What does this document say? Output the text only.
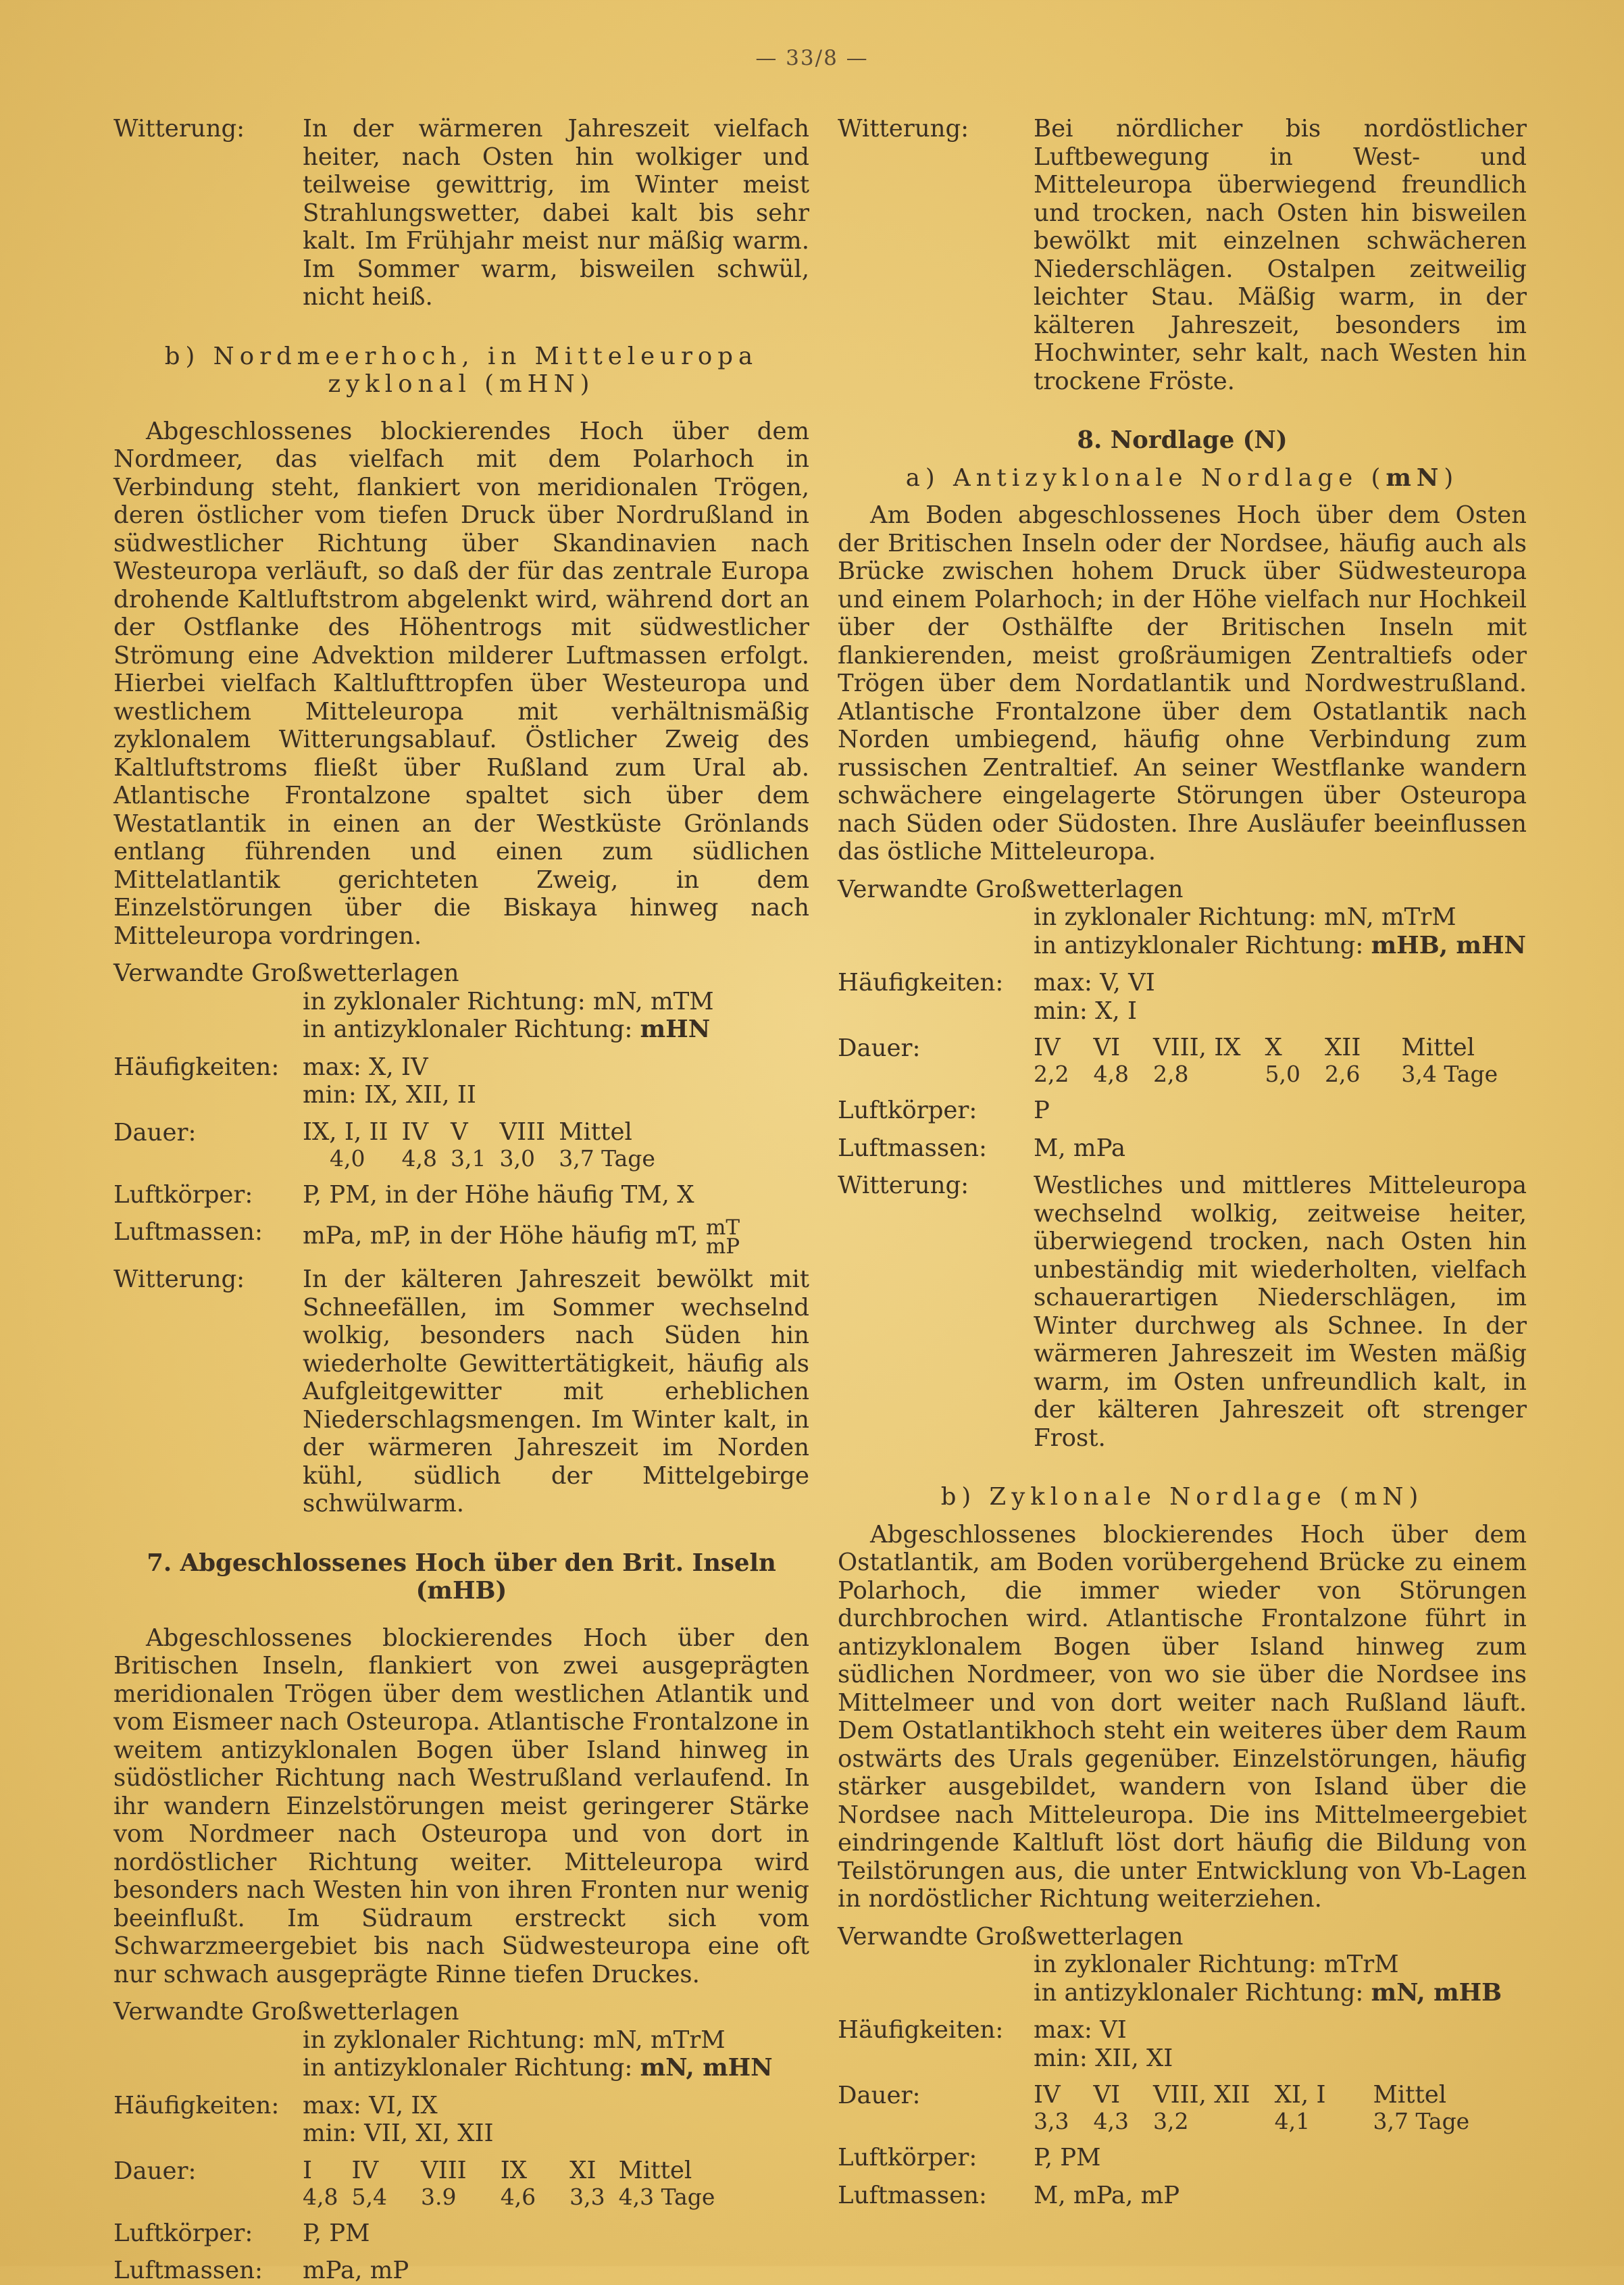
— 33/8 —
Witterung:	In der wärmeren Jahreszeit vielfach heiter, nach Osten hin wolkiger und teilweise gewittrig, im Winter meist Strahlungswetter, dabei kalt bis sehr kalt. Im Frühjahr meist nur mäßig warm. Im Sommer warm, bisweilen schwül, nicht heiß.
b) Nordmeerhoch, in Mitteleuropa
zyklonal (mHN)

Abgeschlossenes blockierendes Hoch über dem Nordmeer, das vielfach mit dem Polarhoch in Verbindung steht, flankiert von meridionalen Trögen, deren östlicher vom tiefen Druck über Nordrußland in südwestlicher Richtung über Skandinavien nach Westeuropa verläuft, so daß der für das zentrale Europa drohende Kaltluftstrom abgelenkt wird, während dort an der Ostflanke des Höhentrogs mit südwestlicher Strömung eine Advektion milderer Luftmassen erfolgt. Hierbei vielfach Kaltlufttropfen über Westeuropa und westlichem Mitteleuropa mit verhältnismäßig zyklonalem Witterungsablauf. Östlicher Zweig des Kaltluftstroms fließt über Rußland zum Ural ab. Atlantische Frontalzone spaltet sich über dem Westatlantik in einen an der Westküste Grönlands entlang führenden und einen zum südlichen Mittelatlantik gerichteten Zweig, in dem Einzelstörungen über die Biskaya hinweg nach Mitteleuropa vordringen.

Verwandte Großwetterlagen
in zyklonaler Richtung: mN, mTM
in antizyklonaler Richtung: mHN
Häufigkeiten: max: X, IV
min: IX, XII, II
Dauer:	IX, I, II	IV	V	VIII	Mittel
4,0	4,8	3,1	3,0	3,7 Tage
Luftkörper:	P, PM, in der Höhe häufig TM, X
Luftmassen:	mPa, mP, in der Höhe häufig mT, mT
mP
Witterung:	In der kälteren Jahreszeit bewölkt mit Schneefällen, im Sommer wechselnd wolkig, besonders nach Süden hin wiederholte Gewittertätigkeit, häufig als Aufgleitgewitter mit erheblichen Niederschlagsmengen. Im Winter kalt, in der wärmeren Jahreszeit im Norden kühl, südlich der Mittelgebirge schwülwarm.
7. Abgeschlossenes Hoch über den Brit. Inseln (mHB)

Abgeschlossenes blockierendes Hoch über den Britischen Inseln, flankiert von zwei ausgeprägten meridionalen Trögen über dem westlichen Atlantik und vom Eismeer nach Osteuropa. Atlantische Frontalzone in weitem antizyklonalen Bogen über Island hinweg in südöstlicher Richtung nach Westrußland verlaufend. In ihr wandern Einzelstörungen meist geringerer Stärke vom Nordmeer nach Osteuropa und von dort in nordöstlicher Richtung weiter. Mitteleuropa wird besonders nach Westen hin von ihren Fronten nur wenig beeinflußt. Im Südraum erstreckt sich vom Schwarzmeergebiet bis nach Südwesteuropa eine oft nur schwach ausgeprägte Rinne tiefen Druckes.

Verwandte Großwetterlagen
in zyklonaler Richtung: mN, mTrM
in antizyklonaler Richtung: mN, mHN
Häufigkeiten: max: VI, IX
min: VII, XI, XII
Dauer:	I	IV	VIII	IX	XI	Mittel
4,8	5,4	3.9	4,6	3,3	4,3 Tage
Luftkörper:	P, PM
Luftmassen:	mPa, mP
Witterung:	Bei nördlicher bis nordöstlicher Luftbewegung in West- und Mitteleuropa überwiegend freundlich und trocken, nach Osten hin bisweilen bewölkt mit einzelnen schwächeren Niederschlägen. Ostalpen zeitweilig leichter Stau. Mäßig warm, in der kälteren Jahreszeit, besonders im Hochwinter, sehr kalt, nach Westen hin trockene Fröste.
8. Nordlage (N)
a) Antizyklonale Nordlage (mN)

Am Boden abgeschlossenes Hoch über dem Osten der Britischen Inseln oder der Nordsee, häufig auch als Brücke zwischen hohem Druck über Südwesteuropa und einem Polarhoch; in der Höhe vielfach nur Hochkeil über der Osthälfte der Britischen Inseln mit flankierenden, meist großräumigen Zentraltiefs oder Trögen über dem Nordatlantik und Nordwestrußland. Atlantische Frontalzone über dem Ostatlantik nach Norden umbiegend, häufig ohne Verbindung zum russischen Zentraltief. An seiner Westflanke wandern schwächere eingelagerte Störungen über Osteuropa nach Süden oder Südosten. Ihre Ausläufer beeinflussen das östliche Mitteleuropa.

Verwandte Großwetterlagen
in zyklonaler Richtung: mN, mTrM
in antizyklonaler Richtung: mHB, mHN
Häufigkeiten:	max: V, VI
min: X, I
Dauer:	IV	VI	VIII, IX	X	XII	Mittel
2,2	4,8	2,8	5,0	2,6	3,4 Tage
Luftkörper:	P
Luftmassen:	M, mPa
Witterung:	Westliches und mittleres Mitteleuropa wechselnd wolkig, zeitweise heiter, überwiegend trocken, nach Osten hin unbeständig mit wiederholten, vielfach schauerartigen Niederschlägen, im Winter durchweg als Schnee. In der wärmeren Jahreszeit im Westen mäßig warm, im Osten unfreundlich kalt, in der kälteren Jahreszeit oft strenger Frost.
b) Zyklonale Nordlage (mN)

Abgeschlossenes blockierendes Hoch über dem Ostatlantik, am Boden vorübergehend Brücke zu einem Polarhoch, die immer wieder von Störungen durchbrochen wird. Atlantische Frontalzone führt in antizyklonalem Bogen über Island hinweg zum südlichen Nordmeer, von wo sie über die Nordsee ins Mittelmeer und von dort weiter nach Rußland läuft. Dem Ostatlantikhoch steht ein weiteres über dem Raum ostwärts des Urals gegenüber. Einzelstörungen, häufig stärker ausgebildet, wandern von Island über die Nordsee nach Mitteleuropa. Die ins Mittelmeergebiet eindringende Kaltluft löst dort häufig die Bildung von Teilstörungen aus, die unter Entwicklung von Vb-Lagen in nordöstlicher Richtung weiterziehen.

Verwandte Großwetterlagen
in zyklonaler Richtung: mTrM
in antizyklonaler Richtung: mN, mHB
Häufigkeiten:	max: VI
min: XII, XI
Dauer:	IV	VI	VIII, XII	XI, I	Mittel
3,3	4,3	3,2	4,1	3,7 Tage
Luftkörper:	P, PM
Luftmassen:	M, mPa, mP
